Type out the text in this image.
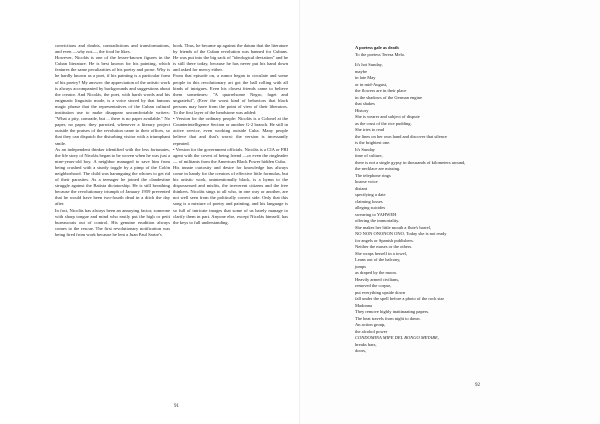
convictions and doubts, contradictions and transformations, and even —why not—, the food he likes.

However, Nicolás is one of the lesser-known figures in the Cuban literature. He is best known for his painting, which features the same peculiarities of his poetry and prose. Why is he hardly known as a poet, if his painting is a particular form of his poetry? My answer: the appreciation of the artistic work is always accompanied by backgrounds and suggestions about the creator. And Nicolás, the poet, with harsh words and his enigmatic linguistic mode, is a voice stored by that famous magic phrase that the representatives of the Cuban cultural institution use to make disappear uncomfortable writers: "What a pity, comrade, but ... there is no paper available." No paper, no paper, they parroted, whenever a literary project outside the praises of the revolution came to their offices, so that they can dispatch the disturbing visitor with a triumphant smile.

As an independent thinker identified with the less fortunates, the life story of Nicolás began to be woven when he was just a nine-years-old boy. A neighbor managed to save him from being crushed with a sturdy toggle by a pimp of the Colón neighborhood. The child was haranguing the whores to get rid of their parasites. As a teenager he joined the clandestine struggle against the Batista dictatorship. He is still breathing because the revolutionary triumph of January 1959 prevented that he would have been two-fourth dead in a ditch the day after.

In fact, Nicolás has always been an annoying factor, someone with sharp tongue and mind who easily put the high or petit bureaucrats out of control. His genuine erudition always comes to the rescue. The first revolutionary notification was being fired from work because he lent a Juan Paul Sartre's

book. Thus, he became up against the datum that the literature by friends of the Cuban revolution was banned for Cubans. He was put into the big sack of "ideological deviation" and he is still there today, because he has never put his hand down and asked for mercy either.

From that episode on, a rumor began to circulate and some people in this revolutionary art got the ball rolling with all kinds of intrigues. Even his closest friends came to believe them sometimes: "A quarrelsome Negro, faget and ungrateful", (Ever the worst kind of behaviors that black persons may have from the point of view of their liberators. To the first layer of the headstone was added:

• Version for the ordinary people: Nicolás is a Colonel at the Counterintelligence Section or another G-2 branch. He still in active service, even working outside Cuba. Many people believe that and that's worst: the version is incessantly repeated.

• Version for the government officials. Nicolás is a CIA or FBI agent with the covert of being friend —or even the ringleader— of militants from the American Black Power hidden Cuba.

His innate curiosity and desire for knowledge has always come in handy for the creators of effective little formulas, but his artistic work, unintentionally black, is a hymn to the dispossessed and misfits, the irreverent citizens and the free thinkers. Nicolás sings to all who, in one way or another, are not well seen from the politically correct side. Only that this song is a mixture of poetry and painting, and his language is so full of intricate images that some of us barely manage to clarify them in part. Anyone else, except Nicolás himself, has the keys to full understanding.

91

A poetess gale as death

To the poetess Teresa Melo.

It's hot Sunday,

maybe

in late May

or in mid-August,

the flowers are in their place

in the shadows of the German engine

that shakes

History

She is wearer and subject of dispute

as the crust of the rice pudding.

She tries to read

the lines on her own hand and discover that silence

is the brightest one.

It's Sunday

time of culture,

there is not a single gypsy in thousands of kilometers around,

the necklace are missing.

The telephone rings

hoarse voice

distant

specifying a date

claiming losses

alleging suicides

swearing to YAHWEH

offering the immortality.

She makes her little mouth a flute's barrel,

NO NON ONONON ONO. Today she is not ready

for angels or Spanish publishers.

Neither the muses or the others.

She wraps herself in a towel,

Leans out of the balcony,

jumps

as draped by the moon.

Heavily armed civilians,

removed the corpse,

put everything upside down

fall under the spell before a photo of the rock star

Madonna

They remove highly inattinaating papers.

The heat travels from night to dawn.

An action group,

the alcohol power

CONDOMINA MIFE DEL BONGO METABE,

breaks bars,

doors,

92
